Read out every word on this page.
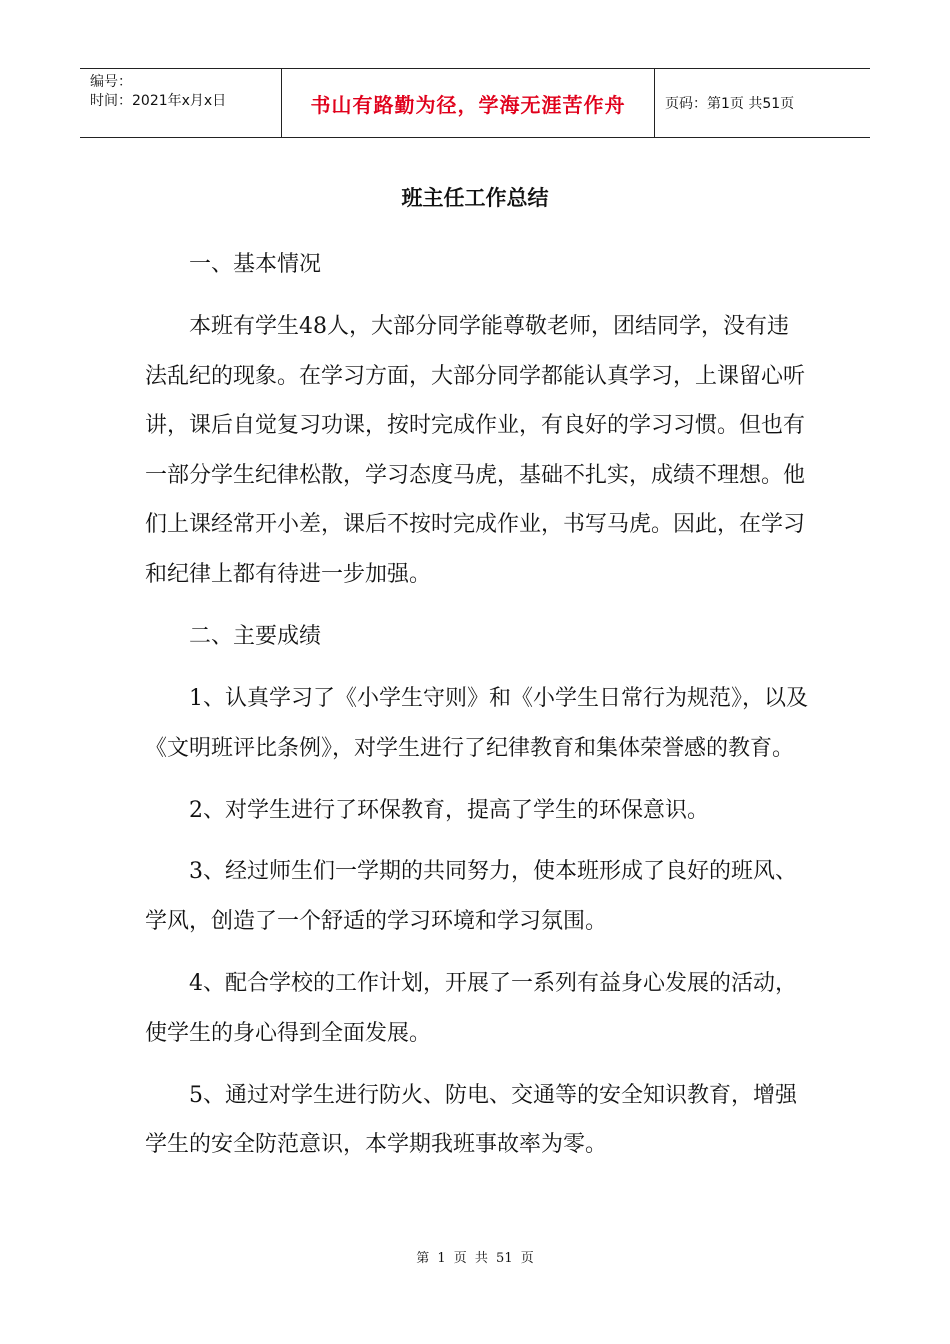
编号：
时间：2021年x月x日	书山有路勤为径，学海无涯苦作舟	页码：第1页 共51页
班主任工作总结

一、基本情况

本班有学生48人，大部分同学能尊敬老师，团结同学，没有违法乱纪的现象。在学习方面，大部分同学都能认真学习，上课留心听讲，课后自觉复习功课，按时完成作业，有良好的学习习惯。但也有一部分学生纪律松散，学习态度马虎，基础不扎实，成绩不理想。他们上课经常开小差，课后不按时完成作业，书写马虎。因此，在学习和纪律上都有待进一步加强。

二、主要成绩

1、认真学习了《小学生守则》和《小学生日常行为规范》，以及《文明班评比条例》，对学生进行了纪律教育和集体荣誉感的教育。

2、对学生进行了环保教育，提高了学生的环保意识。

3、经过师生们一学期的共同努力，使本班形成了良好的班风、学风，创造了一个舒适的学习环境和学习氛围。

4、配合学校的工作计划，开展了一系列有益身心发展的活动，使学生的身心得到全面发展。

5、通过对学生进行防火、防电、交通等的安全知识教育，增强学生的安全防范意识，本学期我班事故率为零。

第 1 页 共 51 页
